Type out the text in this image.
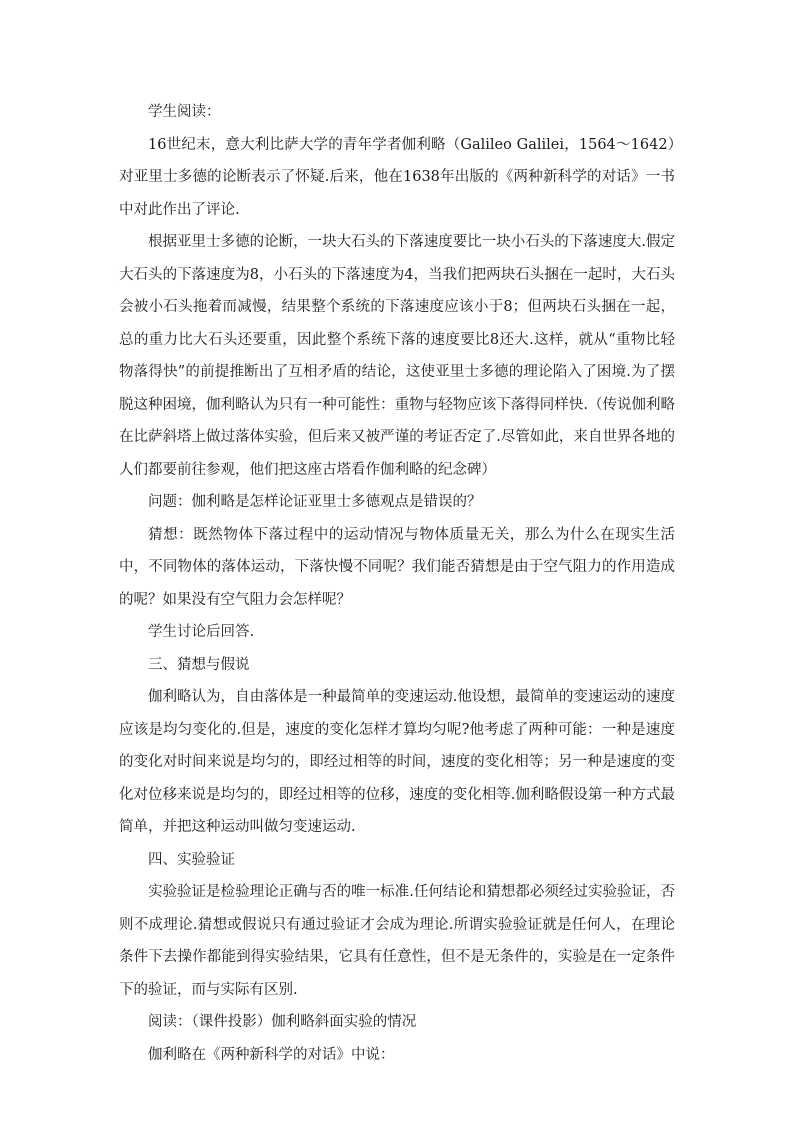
学生阅读：

16世纪末，意大利比萨大学的青年学者伽利略（Galileo Galilei，1564～1642）对亚里士多德的论断表示了怀疑.后来，他在1638年出版的《两种新科学的对话》一书中对此作出了评论.

根据亚里士多德的论断，一块大石头的下落速度要比一块小石头的下落速度大.假定大石头的下落速度为8，小石头的下落速度为4，当我们把两块石头捆在一起时，大石头会被小石头拖着而减慢，结果整个系统的下落速度应该小于8；但两块石头捆在一起，总的重力比大石头还要重，因此整个系统下落的速度要比8还大.这样，就从“重物比轻物落得快”的前提推断出了互相矛盾的结论，这使亚里士多德的理论陷入了困境.为了摆脱这种困境，伽利略认为只有一种可能性：重物与轻物应该下落得同样快.（传说伽利略在比萨斜塔上做过落体实验，但后来又被严谨的考证否定了.尽管如此，来自世界各地的人们都要前往参观，他们把这座古塔看作伽利略的纪念碑）

问题：伽利略是怎样论证亚里士多德观点是错误的？

猜想：既然物体下落过程中的运动情况与物体质量无关，那么为什么在现实生活中，不同物体的落体运动，下落快慢不同呢？我们能否猜想是由于空气阻力的作用造成的呢？如果没有空气阻力会怎样呢？

学生讨论后回答.

三、猜想与假说

伽利略认为，自由落体是一种最简单的变速运动.他设想，最简单的变速运动的速度应该是均匀变化的.但是，速度的变化怎样才算均匀呢?他考虑了两种可能：一种是速度的变化对时间来说是均匀的，即经过相等的时间，速度的变化相等；另一种是速度的变化对位移来说是均匀的，即经过相等的位移，速度的变化相等.伽利略假设第一种方式最简单，并把这种运动叫做匀变速运动.

四、实验验证

实验验证是检验理论正确与否的唯一标准.任何结论和猜想都必须经过实验验证，否则不成理论.猜想或假说只有通过验证才会成为理论.所谓实验验证就是任何人，在理论条件下去操作都能到得实验结果，它具有任意性，但不是无条件的，实验是在一定条件下的验证，而与实际有区别.

阅读：（课件投影）伽利略斜面实验的情况

伽利略在《两种新科学的对话》中说：
